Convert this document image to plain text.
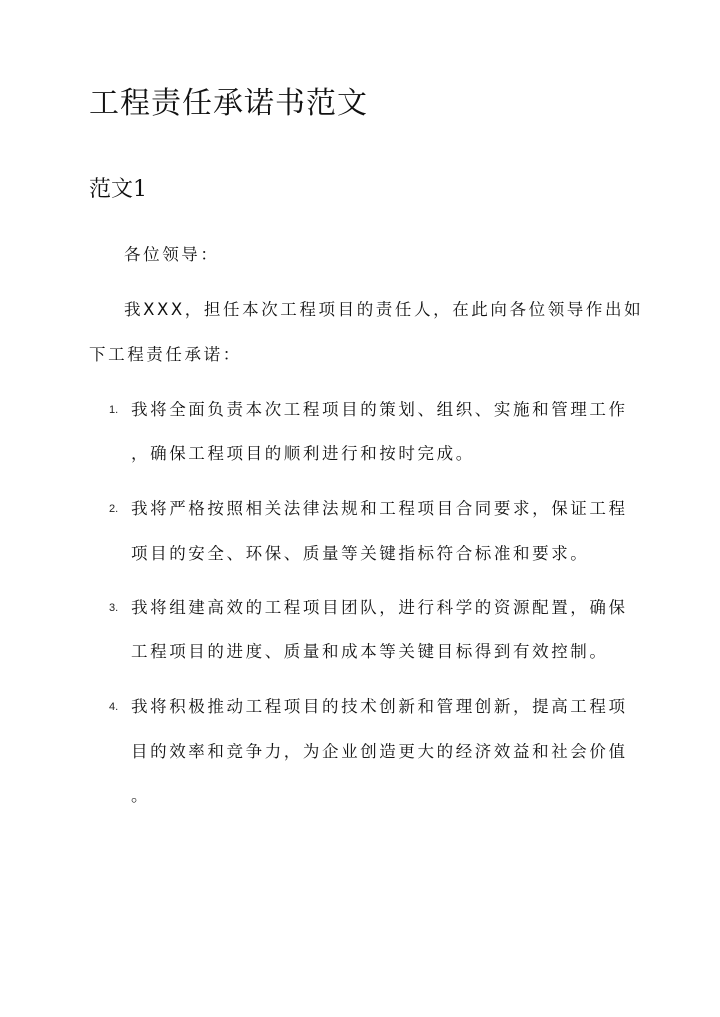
工程责任承诺书范文
范文1
各位领导：
我XXX，担任本次工程项目的责任人，在此向各位领导作出如
下工程责任承诺：
1. 我将全面负责本次工程项目的策划、组织、实施和管理工作
，确保工程项目的顺利进行和按时完成。
2. 我将严格按照相关法律法规和工程项目合同要求，保证工程
项目的安全、环保、质量等关键指标符合标准和要求。
3. 我将组建高效的工程项目团队，进行科学的资源配置，确保
工程项目的进度、质量和成本等关键目标得到有效控制。
4. 我将积极推动工程项目的技术创新和管理创新，提高工程项
目的效率和竞争力，为企业创造更大的经济效益和社会价值
。
